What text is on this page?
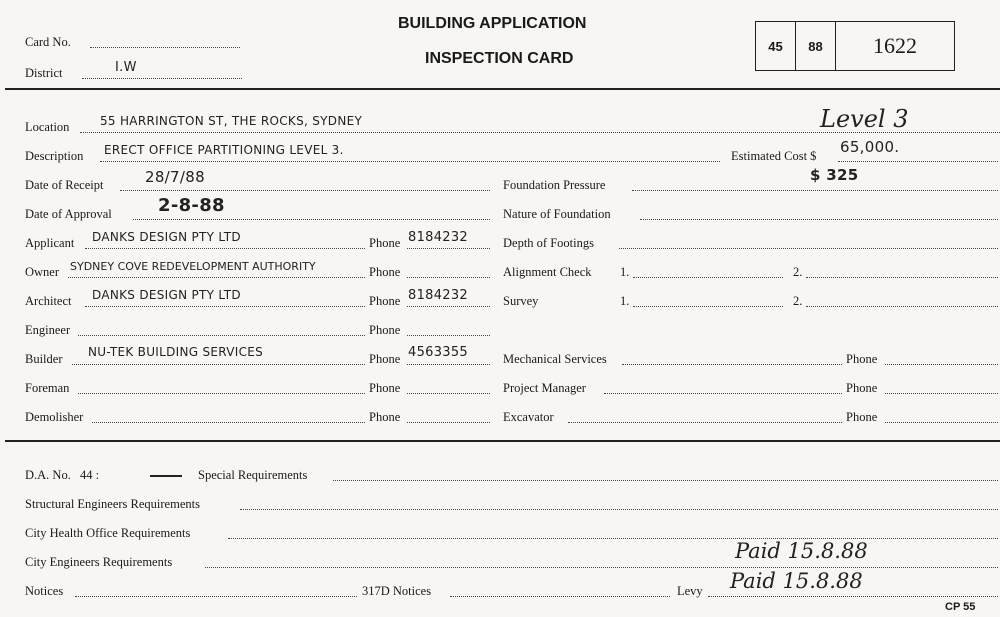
Card No.
District	I.W
BUILDING APPLICATION
INSPECTION CARD
45	88	1622
Location	55 HARRINGTON ST, THE ROCKS, SYDNEY	Level 3
Description ERECT OFFICE PARTITIONING LEVEL 3.	Estimated Cost $ 65,000.
Date of Receipt	28/7/88
Date of Approval	2-8-88
Applicant DANKS DESIGN PTY LTD	Phone 8184232
Owner SYDNEY COVE REDEVELOPMENT AUTHORITY	Phone
Architect DANKS DESIGN PTY LTD	Phone 8184232
Engineer	Phone
Builder NU-TEK BUILDING SERVICES	Phone 4563355
Foreman	Phone
Demolisher	Phone
Foundation Pressure
$ 325
Nature of Foundation
Depth of Footings
Alignment Check 1.	2.
Survey	1.	2.
Mechanical Services	Phone
Project Manager	Phone
Excavator	Phone
D.A. No. 44 :	Special Requirements
Structural Engineers Requirements
City Health Office Requirements
City Engineers Requirements	Paid 15.8.88
Notices	317D Notices	Levy Paid 15.8.88
CP 55
